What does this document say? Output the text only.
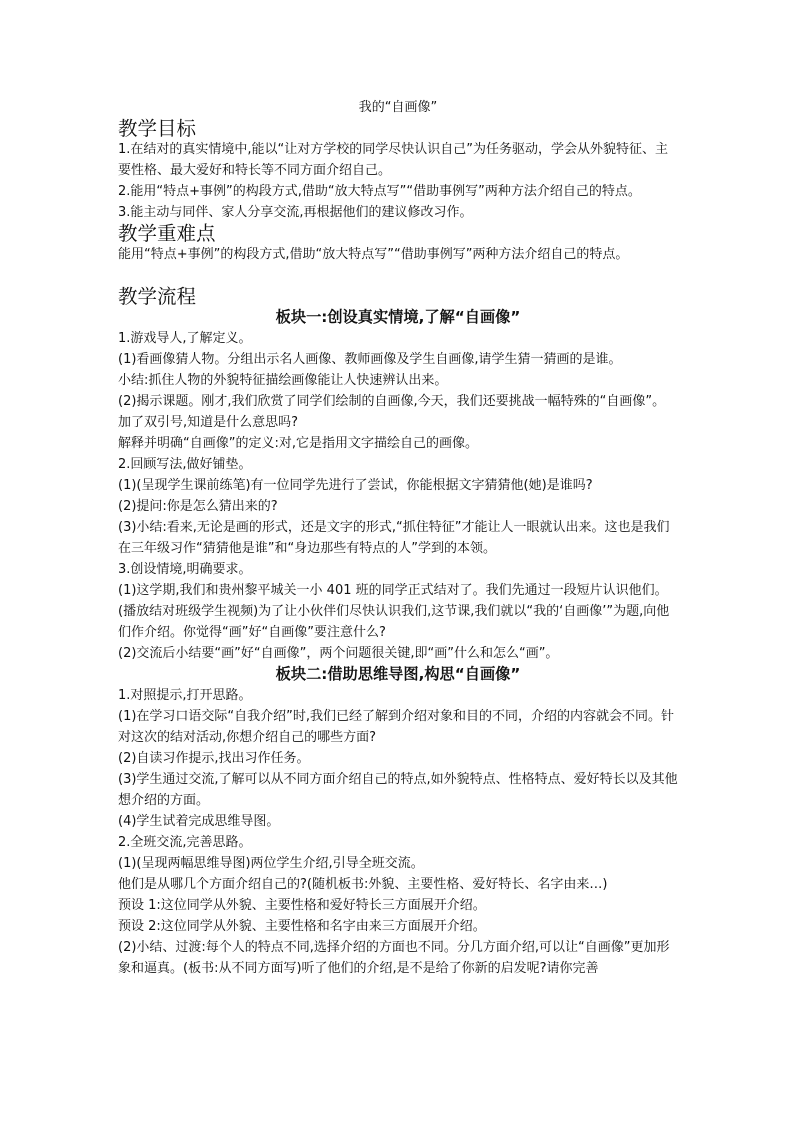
我的“自画像”
教学目标

1.在结对的真实情境中,能以“让对方学校的同学尽快认识自己”为任务驱动，学会从外貌特征、主要性格、最大爱好和特长等不同方面介绍自己。

2.能用“特点+事例”的构段方式,借助“放大特点写”“借助事例写”两种方法介绍自己的特点。

3.能主动与同伴、家人分享交流,再根据他们的建议修改习作。

教学重难点

能用“特点+事例”的构段方式,借助“放大特点写”“借助事例写”两种方法介绍自己的特点。

教学流程
板块一:创设真实情境,了解“自画像”

1.游戏导人,了解定义。

(1)看画像猜人物。分组出示名人画像、教师画像及学生自画像,请学生猜一猜画的是谁。

小结:抓住人物的外貌特征描绘画像能让人快速辨认出来。

(2)揭示课题。刚才,我们欣赏了同学们绘制的自画像,今天，我们还要挑战一幅特殊的“自画像”。加了双引号,知道是什么意思吗?

解释并明确“自画像”的定义:对,它是指用文字描绘自己的画像。

2.回顾写法,做好铺垫。

(1)(呈现学生课前练笔)有一位同学先进行了尝试，你能根据文字猜猜他(她)是谁吗?

(2)提问:你是怎么猜出来的?

(3)小结:看来,无论是画的形式，还是文字的形式,“抓住特征”才能让人一眼就认出来。这也是我们在三年级习作“猜猜他是谁”和“身边那些有特点的人”学到的本领。

3.创设情境,明确要求。

(1)这学期,我们和贵州黎平城关一小 401 班的同学正式结对了。我们先通过一段短片认识他们。(播放结对班级学生视频)为了让小伙伴们尽快认识我们,这节课,我们就以“我的‘自画像’”为题,向他们作介绍。你觉得“画”好“自画像”要注意什么?

(2)交流后小结要“画”好“自画像”，两个问题很关键,即“画”什么和怎么“画”。

板块二:借助思维导图,构思“自画像”

1.对照提示,打开思路。

(1)在学习口语交际“自我介绍”时,我们已经了解到介绍对象和目的不同，介绍的内容就会不同。针对这次的结对活动,你想介绍自己的哪些方面?

(2)自读习作提示,找出习作任务。

(3)学生通过交流,了解可以从不同方面介绍自己的特点,如外貌特点、性格特点、爱好特长以及其他想介绍的方面。

(4)学生试着完成思维导图。

2.全班交流,完善思路。

(1)(呈现两幅思维导图)两位学生介绍,引导全班交流。

他们是从哪几个方面介绍自己的?(随机板书:外貌、主要性格、爱好特长、名字由来…)

预设 1:这位同学从外貌、主要性格和爱好特长三方面展开介绍。

预设 2:这位同学从外貌、主要性格和名字由来三方面展开介绍。

(2)小结、过渡:每个人的特点不同,选择介绍的方面也不同。分几方面介绍,可以让“自画像”更加形象和逼真。(板书:从不同方面写)听了他们的介绍,是不是给了你新的启发呢?请你完善
